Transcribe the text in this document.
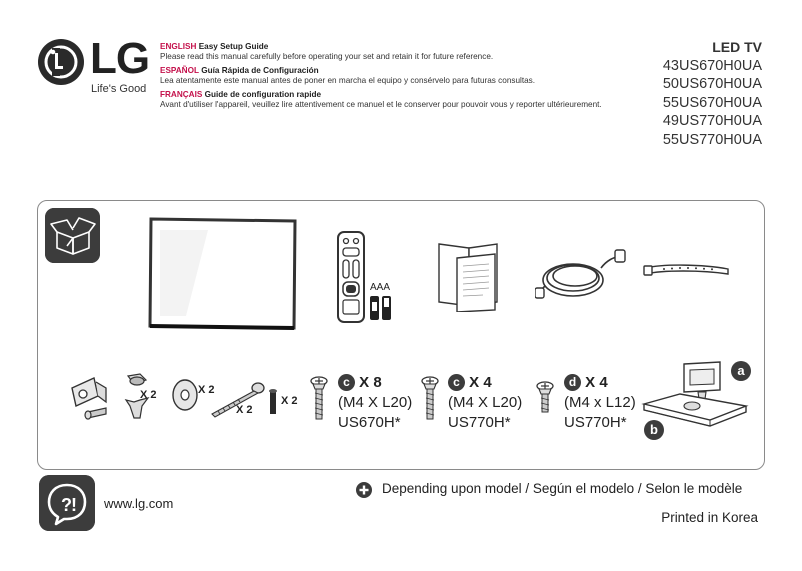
LG
Life's Good

ENGLISH Easy Setup Guide

Please read this manual carefully before operating your set and retain it for future reference.

ESPAÑOL Guía Rápida de Configuración

Lea atentamente este manual antes de poner en marcha el equipo y consérvelo para futuras consultas.

FRANÇAIS Guide de configuration rapide

Avant d'utiliser l'appareil, veuillez lire attentivement ce manuel et le conserver pour pouvoir vous y reporter ultérieurement.

LED TV
43US670H0UA
50US670H0UA
55US670H0UA
49US770H0UA
55US770H0UA
AAA
X 2	X 2
X 2
X 2
c X 8
(M4 X L20)
US670H*
c X 4
(M4 X L20)
US770H*
d X 4
(M4 x L12)
US770H*
a
b
? ! www.lg.com
Depending upon model / Según el modelo / Selon le modèle
Printed in Korea
